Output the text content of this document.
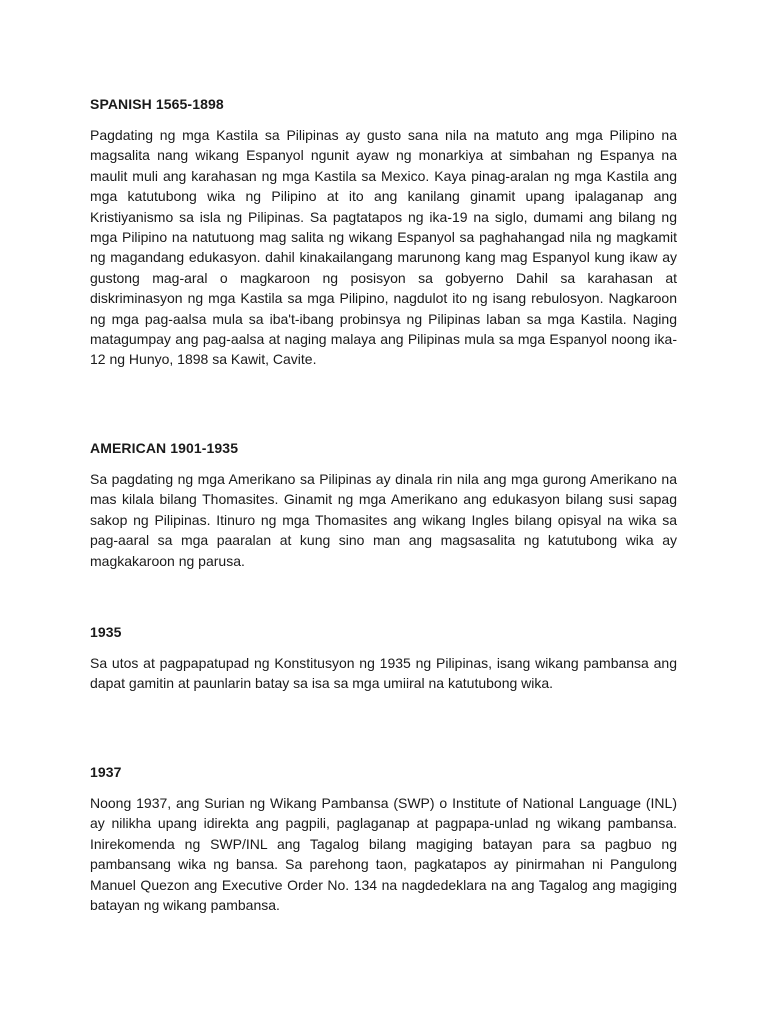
SPANISH 1565-1898

Pagdating ng mga Kastila sa Pilipinas ay gusto sana nila na matuto ang mga Pilipino na magsalita nang wikang Espanyol ngunit ayaw ng monarkiya at simbahan ng Espanya na maulit muli ang karahasan ng mga Kastila sa Mexico. Kaya pinag-aralan ng mga Kastila ang mga katutubong wika ng Pilipino at ito ang kanilang ginamit upang ipalaganap ang Kristiyanismo sa isla ng Pilipinas. Sa pagtatapos ng ika-19 na siglo, dumami ang bilang ng mga Pilipino na natutuong mag salita ng wikang Espanyol sa paghahangad nila ng magkamit ng magandang edukasyon. dahil kinakailangang marunong kang mag Espanyol kung ikaw ay gustong mag-aral o magkaroon ng posisyon sa gobyerno Dahil sa karahasan at diskriminasyon ng mga Kastila sa mga Pilipino, nagdulot ito ng isang rebulosyon. Nagkaroon ng mga pag-aalsa mula sa iba't-ibang probinsya ng Pilipinas laban sa mga Kastila. Naging matagumpay ang pag-aalsa at naging malaya ang Pilipinas mula sa mga Espanyol noong ika-12 ng Hunyo, 1898 sa Kawit, Cavite.

AMERICAN 1901-1935

Sa pagdating ng mga Amerikano sa Pilipinas ay dinala rin nila ang mga gurong Amerikano na mas kilala bilang Thomasites. Ginamit ng mga Amerikano ang edukasyon bilang susi sapag sakop ng Pilipinas. Itinuro ng mga Thomasites ang wikang Ingles bilang opisyal na wika sa pag-aaral sa mga paaralan at kung sino man ang magsasalita ng katutubong wika ay magkakaroon ng parusa.

1935

Sa utos at pagpapatupad ng Konstitusyon ng 1935 ng Pilipinas, isang wikang pambansa ang dapat gamitin at paunlarin batay sa isa sa mga umiiral na katutubong wika.

1937

Noong 1937, ang Surian ng Wikang Pambansa (SWP) o Institute of National Language (INL) ay nilikha upang idirekta ang pagpili, paglaganap at pagpapa-unlad ng wikang pambansa. Inirekomenda ng SWP/INL ang Tagalog bilang magiging batayan para sa pagbuo ng pambansang wika ng bansa. Sa parehong taon, pagkatapos ay pinirmahan ni Pangulong Manuel Quezon ang Executive Order No. 134 na nagdedeklara na ang Tagalog ang magiging batayan ng wikang pambansa.
